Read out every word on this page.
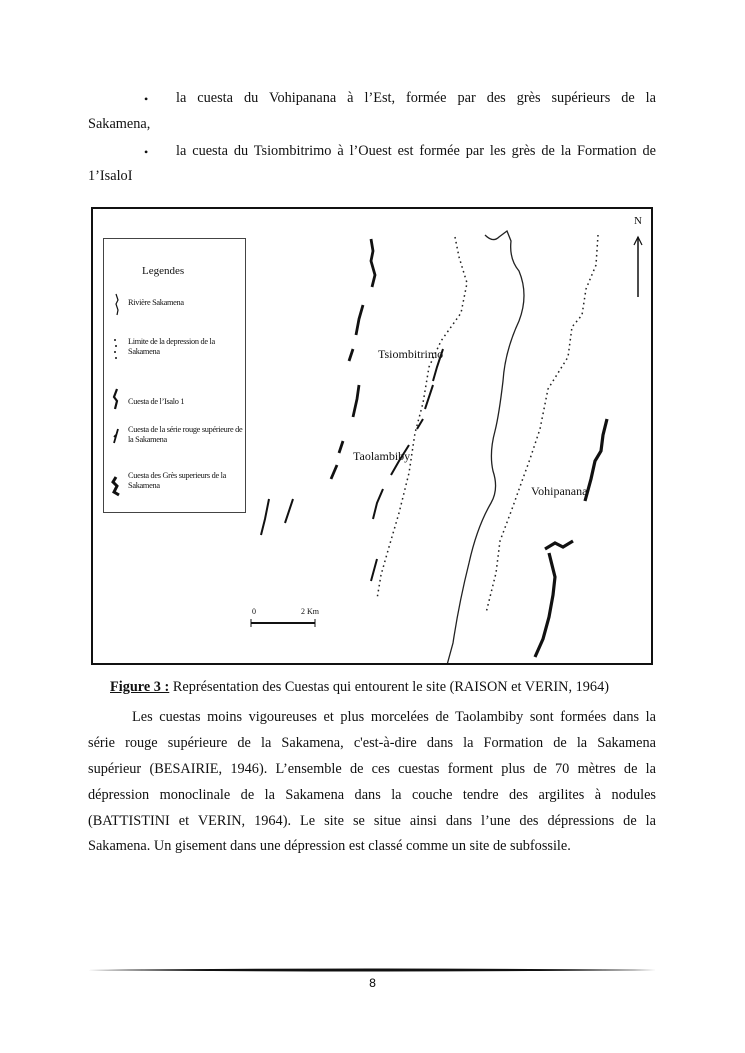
• la cuesta du Vohipanana à l’Est, formée par des grès supérieurs de la
Sakamena,
• la cuesta du Tsiombitrimo à l’Ouest est formée par les grès de la Formation de
1’IsaloI
Legendes
Rivière Sakamena
Limite de la depression de la Sakamena
Cuesta de l’Isalo 1
Cuesta de la série rouge supérieure de la Sakamena
Cuesta des Grès superieurs de la Sakamena
N
Tsiombitrimo
Taolambiby
Vohipanana
0	2 Km
Figure 3 : Représentation des Cuestas qui entourent le site (RAISON et VERIN, 1964)
Les cuestas moins vigoureuses et plus morcelées de Taolambiby sont formées dans la
série rouge supérieure de la Sakamena, c'est-à-dire dans la Formation de la Sakamena
supérieur (BESAIRIE, 1946). L’ensemble de ces cuestas forment plus de 70 mètres de la
dépression monoclinale de la Sakamena dans la couche tendre des argilites à nodules
(BATTISTINI et VERIN, 1964). Le site se situe ainsi dans l’une des dépressions de la
Sakamena. Un gisement dans une dépression est classé comme un site de subfossile.
8
